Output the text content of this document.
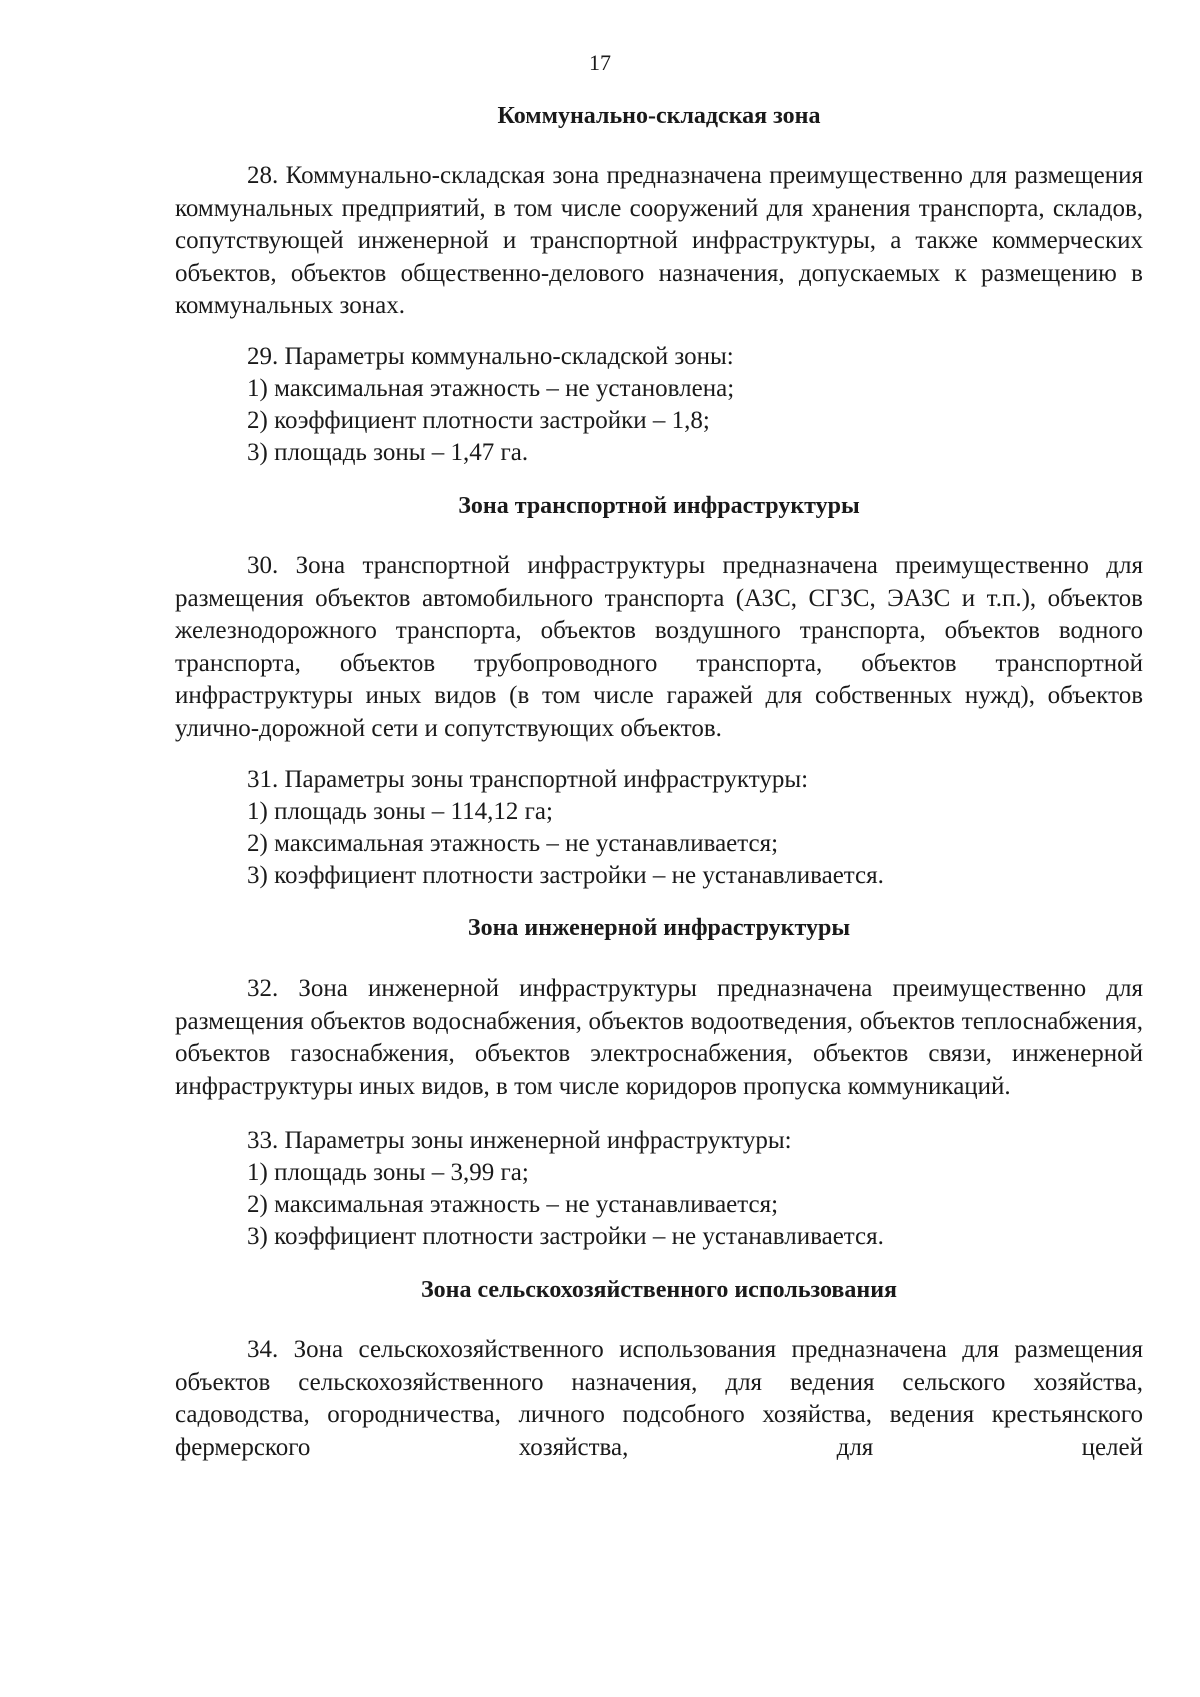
17
Коммунально-складская зона
28. Коммунально-складская зона предназначена преимущественно для размещения коммунальных предприятий, в том числе сооружений для хранения транспорта, складов, сопутствующей инженерной и транспортной инфраструктуры, а также коммерческих объектов, объектов общественно-делового назначения, допускаемых к размещению в коммунальных зонах.
29. Параметры коммунально-складской зоны:
1) максимальная этажность – не установлена;
2) коэффициент плотности застройки – 1,8;
3) площадь зоны – 1,47 га.
Зона транспортной инфраструктуры
30. Зона транспортной инфраструктуры предназначена преимущественно для размещения объектов автомобильного транспорта (АЗС, СГЗС, ЭАЗС и т.п.), объектов железнодорожного транспорта, объектов воздушного транспорта, объектов водного транспорта, объектов трубопроводного транспорта, объектов транспортной инфраструктуры иных видов (в том числе гаражей для собственных нужд), объектов улично-дорожной сети и сопутствующих объектов.
31. Параметры зоны транспортной инфраструктуры:
1) площадь зоны – 114,12 га;
2) максимальная этажность – не устанавливается;
3) коэффициент плотности застройки – не устанавливается.
Зона инженерной инфраструктуры
32. Зона инженерной инфраструктуры предназначена преимущественно для размещения объектов водоснабжения, объектов водоотведения, объектов теплоснабжения, объектов газоснабжения, объектов электроснабжения, объектов связи, инженерной инфраструктуры иных видов, в том числе коридоров пропуска коммуникаций.
33. Параметры зоны инженерной инфраструктуры:
1) площадь зоны – 3,99 га;
2) максимальная этажность – не устанавливается;
3) коэффициент плотности застройки – не устанавливается.
Зона сельскохозяйственного использования
34. Зона сельскохозяйственного использования предназначена для размещения объектов сельскохозяйственного назначения, для ведения сельского хозяйства, садоводства, огородничества, личного подсобного хозяйства, ведения крестьянского фермерского хозяйства, для целей
